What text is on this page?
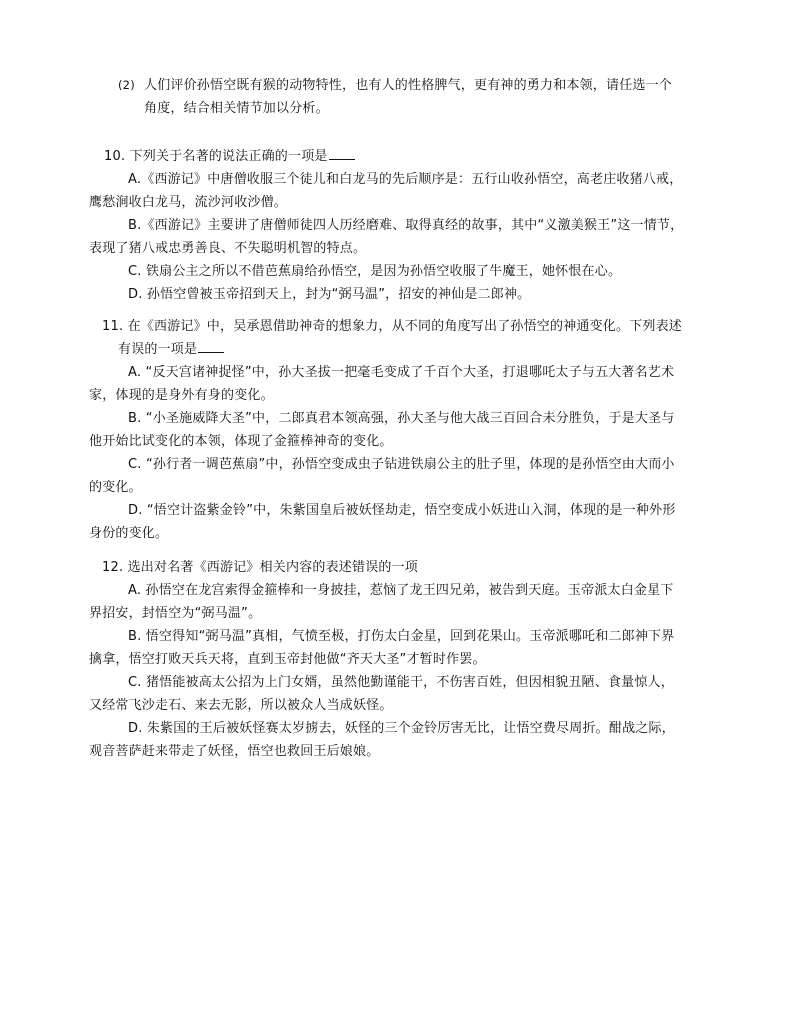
(2) 人们评价孙悟空既有猴的动物特性，也有人的性格脾气，更有神的勇力和本领，请任选一个
角度，结合相关情节加以分析。
10. 下列关于名著的说法正确的一项是
A.《西游记》中唐僧收服三个徒儿和白龙马的先后顺序是：五行山收孙悟空，高老庄收猪八戒，
鹰愁涧收白龙马，流沙河收沙僧。
B.《西游记》主要讲了唐僧师徒四人历经磨难、取得真经的故事，其中“义激美猴王”这一情节，
表现了猪八戒忠勇善良、不失聪明机智的特点。
C. 铁扇公主之所以不借芭蕉扇给孙悟空，是因为孙悟空收服了牛魔王，她怀恨在心。
D. 孙悟空曾被玉帝招到天上，封为“弼马温”，招安的神仙是二郎神。
11. 在《西游记》中，吴承恩借助神奇的想象力，从不同的角度写出了孙悟空的神通变化。下列表述
有误的一项是
A. “反天宫诸神捉怪”中，孙大圣拔一把毫毛变成了千百个大圣，打退哪吒太子与五大著名艺术
家，体现的是身外有身的变化。
B. “小圣施威降大圣”中，二郎真君本领高强，孙大圣与他大战三百回合未分胜负，于是大圣与
他开始比试变化的本领，体现了金箍棒神奇的变化。
C. “孙行者一调芭蕉扇”中，孙悟空变成虫子钻进铁扇公主的肚子里，体现的是孙悟空由大而小
的变化。
D. “悟空计盗紫金铃”中，朱紫国皇后被妖怪劫走，悟空变成小妖进山入洞，体现的是一种外形
身份的变化。
12. 选出对名著《西游记》相关内容的表述错误的一项
A. 孙悟空在龙宫索得金箍棒和一身披挂，惹恼了龙王四兄弟，被告到天庭。玉帝派太白金星下
界招安，封悟空为“弼马温”。
B. 悟空得知“弼马温”真相，气愤至极，打伤太白金星，回到花果山。玉帝派哪吒和二郎神下界
擒拿，悟空打败天兵天将，直到玉帝封他做“齐天大圣”才暂时作罢。
C. 猪悟能被高太公招为上门女婿，虽然他勤谨能干，不伤害百姓，但因相貌丑陋、食量惊人，
又经常飞沙走石、来去无影，所以被众人当成妖怪。
D. 朱紫国的王后被妖怪赛太岁掳去，妖怪的三个金铃厉害无比，让悟空费尽周折。酣战之际，
观音菩萨赶来带走了妖怪，悟空也救回王后娘娘。
